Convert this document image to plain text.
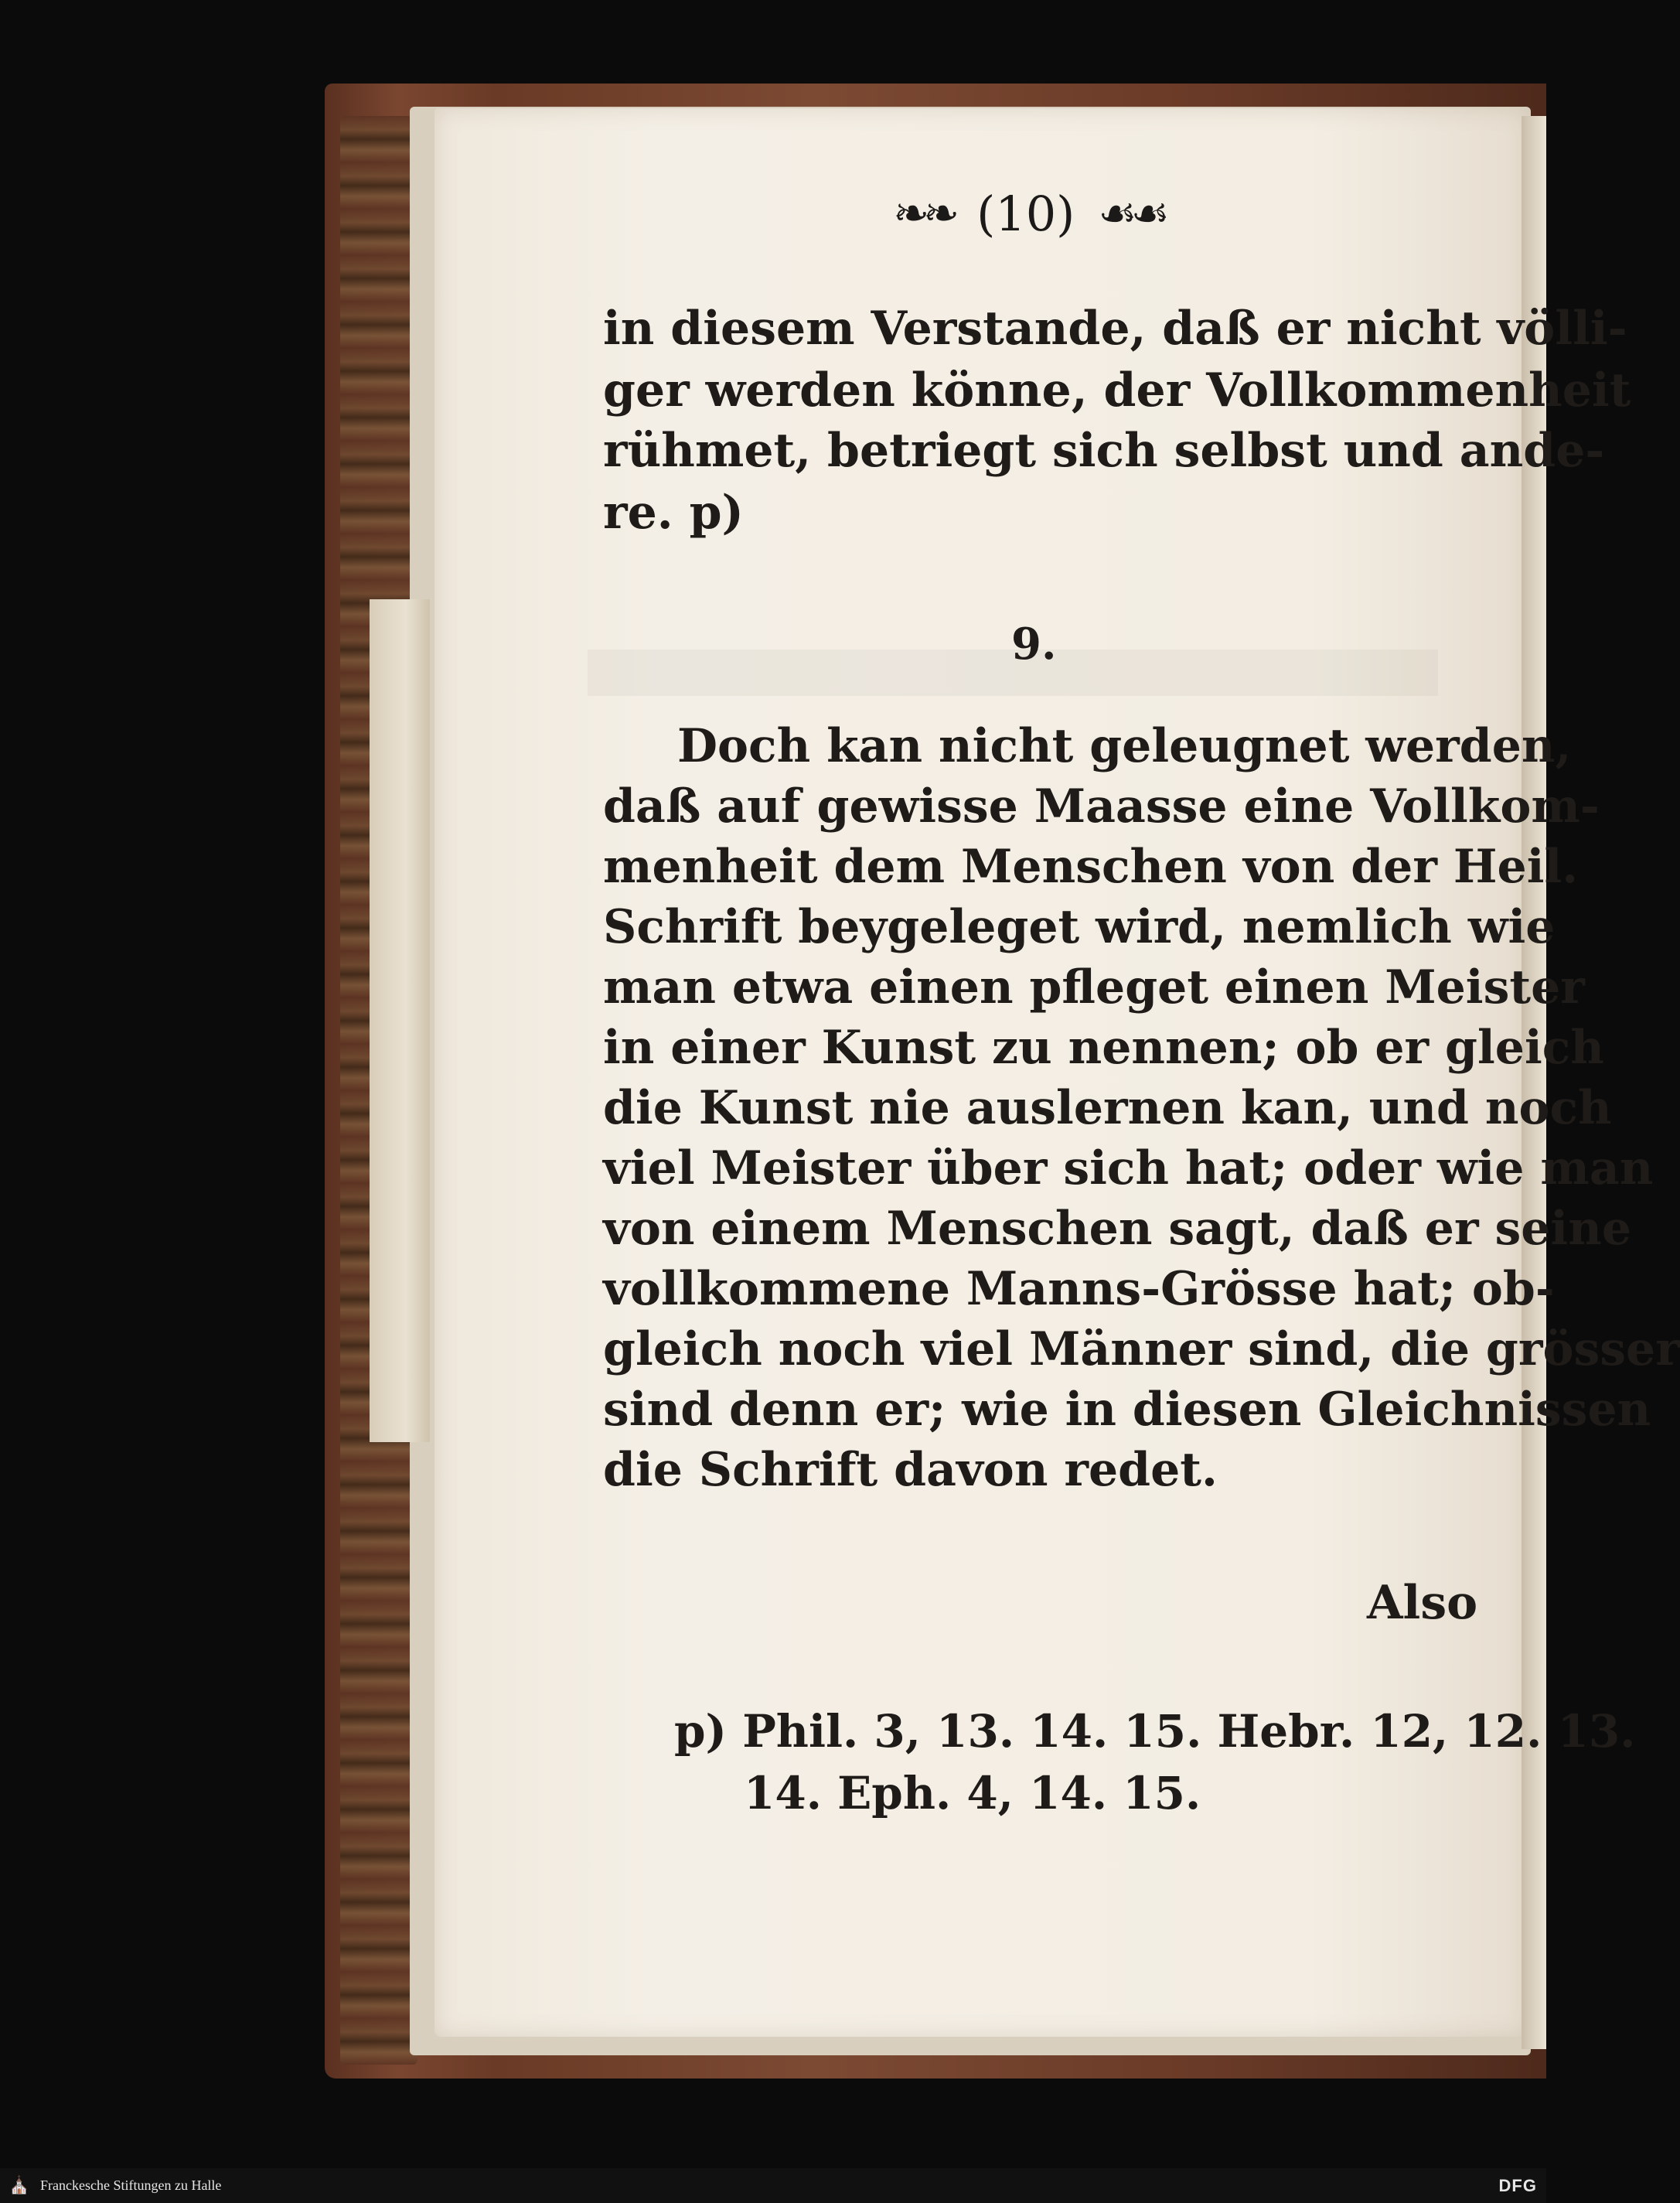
❧❧ (10) ☙☙
in diesem Verstande, daß er nicht völli-
ger werden könne, der Vollkommenheit
rühmet, betriegt sich selbst und ande-
re. p)
Doch kan nicht geleugnet werden,
daß auf gewisse Maasse eine Vollkom-
menheit dem Menschen von der Heil.
Schrift beygeleget wird, nemlich wie
man etwa einen pfleget einen Meister
in einer Kunst zu nennen; ob er gleich
die Kunst nie auslernen kan, und noch
viel Meister über sich hat; oder wie man
von einem Menschen sagt, daß er seine
vollkommene Manns-Grösse hat; ob-
gleich noch viel Männer sind, die grösser
sind denn er; wie in diesen Gleichnissen
die Schrift davon redet.
9.
Also
p) Phil. 3, 13. 14. 15. Hebr. 12, 12. 13.
14. Eph. 4, 14. 15.
⛪ Franckesche Stiftungen zu Halle	DFG
